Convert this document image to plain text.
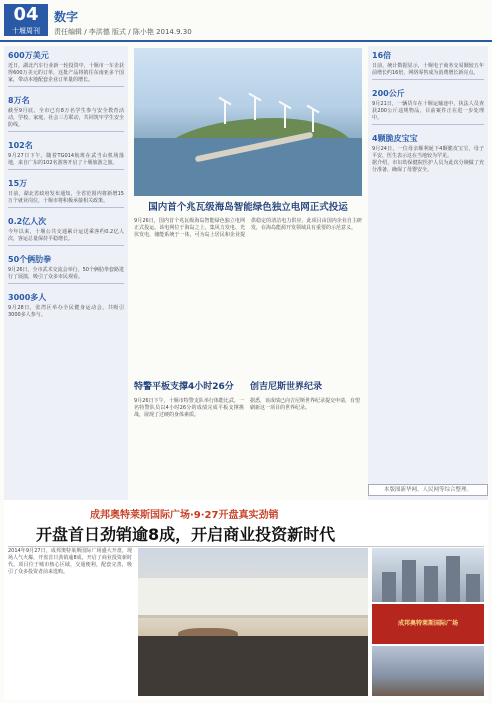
04
十堰周刊
数字
责任编辑 / 李洪德 版式 / 陈小艳 2014.9.30
600万美元
近日，湖北汽车行业新一轮投资中，十堰市一车企获得600万美元的订单，这批产品将销往东南亚多个国家，带动本地配套企业订单量的增长。
8万名
截至9月底，全市已有8万名学生参与安全教育活动，学校、家庭、社会三方联动，共同筑牢学生安全防线。
102名
9月27日下午，随着TG014航班在武当山机场落地，来自广东的102名游客开启了十堰旅游之旅。
15万
日前，湖北省政府发布通知，全省范围内将新增15万个就业岗位，十堰市将积极承接相关政策。
0.2亿人次
今年以来，十堰公共交通累计运送乘客约0.2亿人次，客运总量保持平稳增长。
50个俩肋拳
9月26日，全市武术交流会举行，50个俩肋拳套路进行了展演，吸引了众多市民观看。
3000多人
9月28日，张湾区举办全民健身运动会，共吸引3000多人参与。
国内首个兆瓦级海岛智能绿色独立电网正式投运
9月26日，国内首个兆瓦级海岛智能绿色独立电网正式投运。该电网位于海岛之上，集风力发电、光伏发电、储能系统于一体，可为岛上居民和企业提供稳定的清洁电力供应。此项目由国内企业自主研发，在海岛能源开发领域具有重要的示范意义。
特警平板支撑4小时26分
9月26日下午，十堰市特警支队举行体能比武，一名特警队员以4小时26分的成绩完成平板支撑挑战，展现了过硬的身体素质。
创吉尼斯世界纪录
据悉，该成绩已向吉尼斯世界纪录提交申请，有望刷新这一项目的世界纪录。
16倍
日前，统计数据显示，十堰电子商务交易额较五年前增长约16倍，网络零售成为消费增长新亮点。
200公斤
9月21日，一辆货车在十堰运输途中，执法人员查获200公斤违规物品，目前案件正在进一步处理中。
4颗脆皮宝宝
9月24日，一位母亲顺利诞下4颗脆皮宝宝，母子平安，医生表示这在当地较为罕见。
据介绍，市妇幼保健院医护人员为此次分娩做了充分准备，确保了母婴安全。
本版图新华网、人民网等综合整理。
成邦奥特莱斯国际广场·9·27开盘真实劲销
开盘首日劲销逾8成，开启商业投资新时代
2014年9月27日，成邦奥特莱斯国际广场盛大开盘，现场人气火爆，开盘首日劲销逾8成，开启了商业投资新时代。项目位于城市核心区域，交通便利，配套完善，吸引了众多投资者前来选购。
成邦奥特莱斯国际广场
